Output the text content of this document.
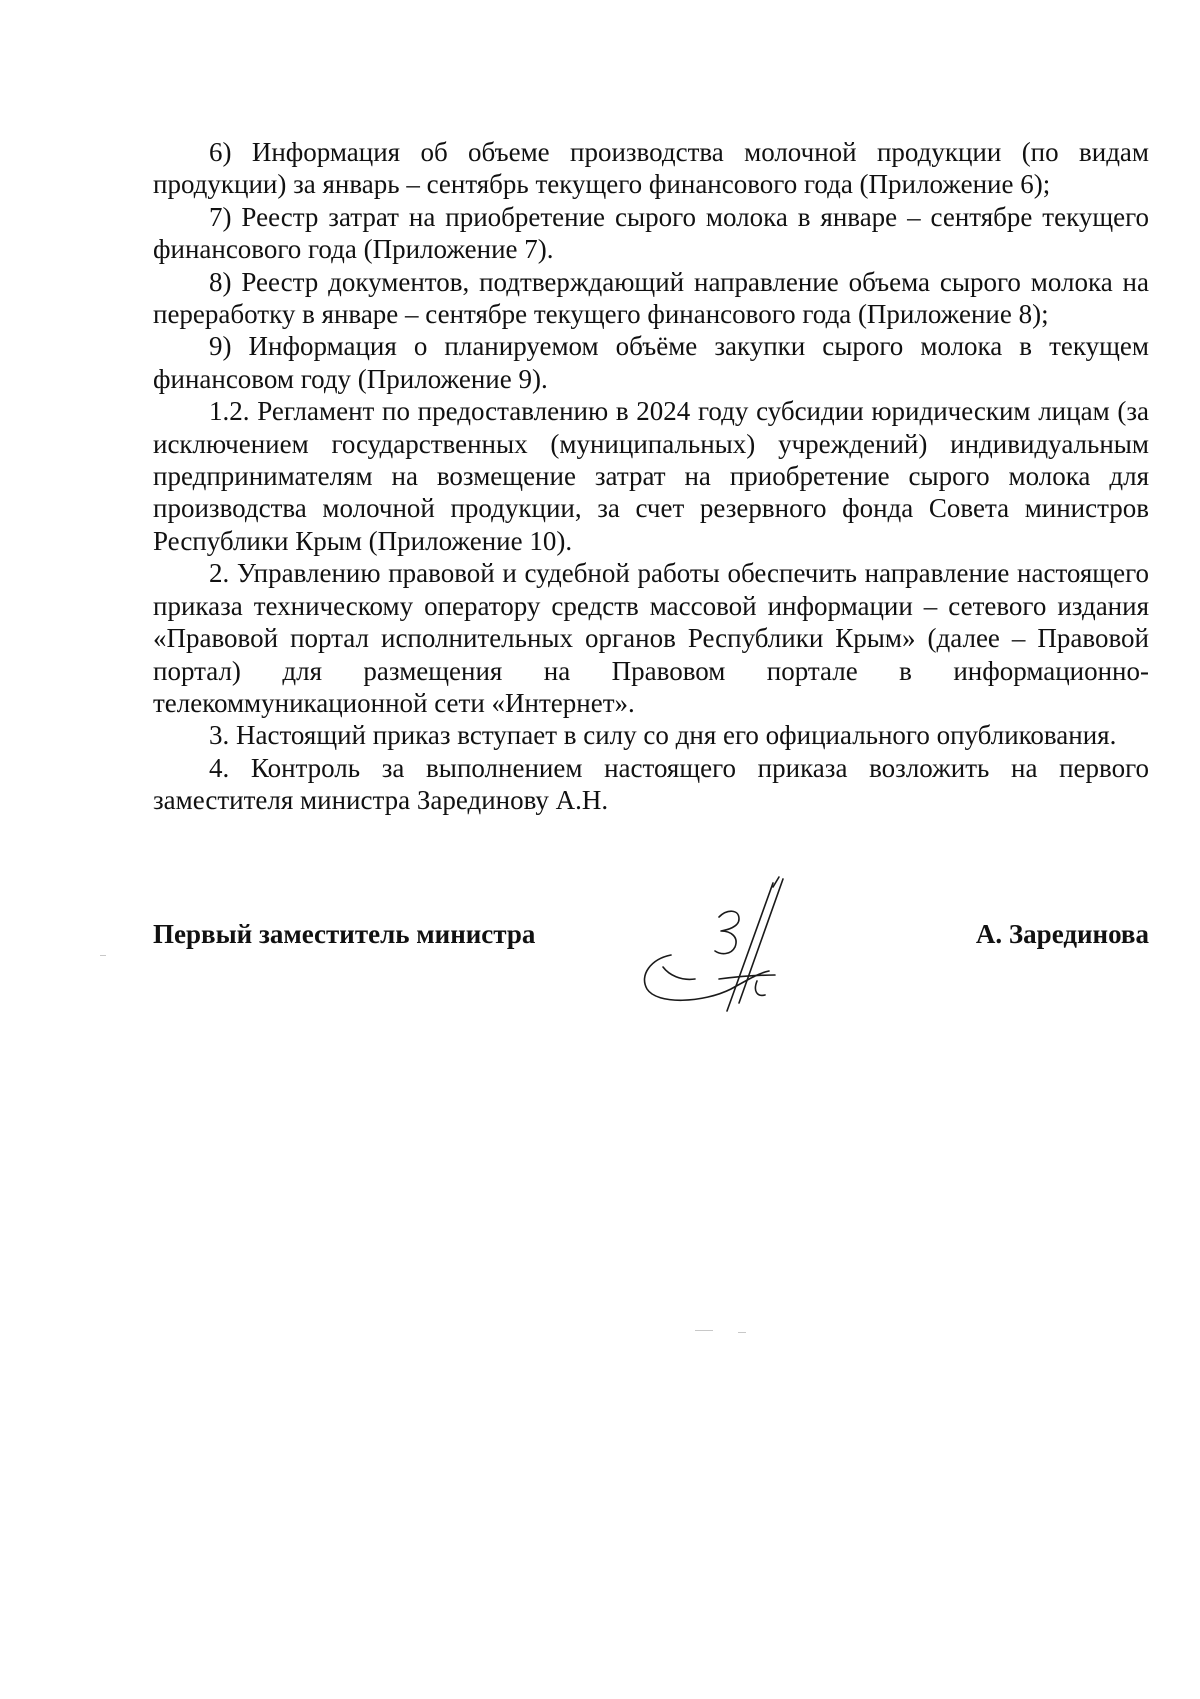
6) Информация об объеме производства молочной продукции (по видам продукции) за январь – сентябрь текущего финансового года (Приложение 6);

7) Реестр затрат на приобретение сырого молока в январе – сентябре текущего финансового года (Приложение 7).

8) Реестр документов, подтверждающий направление объема сырого молока на переработку в январе – сентябре текущего финансового года (Приложение 8);

9) Информация о планируемом объёме закупки сырого молока в текущем финансовом году (Приложение 9).

1.2. Регламент по предоставлению в 2024 году субсидии юридическим лицам (за исключением государственных (муниципальных) учреждений) индивидуальным предпринимателям на возмещение затрат на приобретение сырого молока для производства молочной продукции, за счет резервного фонда Совета министров Республики Крым (Приложение 10).

2. Управлению правовой и судебной работы обеспечить направление настоящего приказа техническому оператору средств массовой информации – сетевого издания «Правовой портал исполнительных органов Республики Крым» (далее – Правовой портал) для размещения на Правовом портале в информационно-телекоммуникационной сети «Интернет».

3. Настоящий приказ вступает в силу со дня его официального опубликования.

4. Контроль за выполнением настоящего приказа возложить на первого заместителя министра Зарединову А.Н.

Первый заместитель министра	А. Зарединова
